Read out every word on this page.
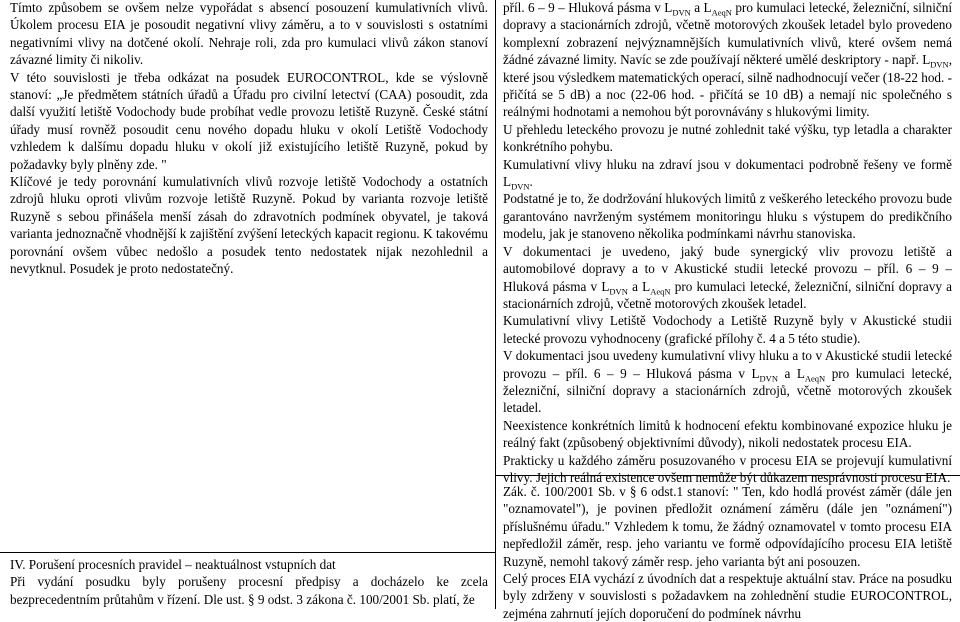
Tímto způsobem se ovšem nelze vypořádat s absencí posouzení kumulativních vlivů. Úkolem procesu EIA je posoudit negativní vlivy záměru, a to v souvislosti s ostatními negativními vlivy na dotčené okolí. Nehraje roli, zda pro kumulaci vlivů zákon stanoví závazné limity či nikoliv.

V této souvislosti je třeba odkázat na posudek EUROCONTROL, kde se výslovně stanoví: „Je předmětem státních úřadů a Úřadu pro civilní letectví (CAA) posoudit, zda další využití letiště Vodochody bude probíhat vedle provozu letiště Ruzyně. České státní úřady musí rovněž posoudit cenu nového dopadu hluku v okolí Letiště Vodochody vzhledem k dalšímu dopadu hluku v okolí již existujícího letiště Ruzyně, pokud by požadavky byly plněny zde. "

Klíčové je tedy porovnání kumulativních vlivů rozvoje letiště Vodochody a ostatních zdrojů hluku oproti vlivům rozvoje letiště Ruzyně. Pokud by varianta rozvoje letiště Ruzyně s sebou přinášela menší zásah do zdravotních podmínek obyvatel, je taková varianta jednoznačně vhodnější k zajištění zvýšení leteckých kapacit regionu. K takovému porovnání ovšem vůbec nedošlo a posudek tento nedostatek nijak nezohlednil a nevytknul. Posudek je proto nedostatečný.

IV. Porušení procesních pravidel – neaktuálnost vstupních dat

Při vydání posudku byly porušeny procesní předpisy a docházelo ke zcela bezprecedentním průtahům v řízení. Dle ust. § 9 odst. 3 zákona č. 100/2001 Sb. platí, že

příl. 6 – 9 – Hluková pásma v $L_{DVN}$ a $L_{AeqN}$ pro kumulaci letecké, železniční, silniční dopravy a stacionárních zdrojů, včetně motorových zkoušek letadel bylo provedeno komplexní zobrazení nejvýznamnějších kumulativních vlivů, které ovšem nemá žádné závazné limity. Navíc se zde používají některé umělé deskriptory - např. $L_{DVN}$, které jsou výsledkem matematických operací, silně nadhodnocují večer (18-22 hod. - přičítá se 5 dB) a noc (22-06 hod. - přičítá se 10 dB) a nemají nic společného s reálnými hodnotami a nemohou být porovnávány s hlukovými limity.

U přehledu leteckého provozu je nutné zohlednit také výšku, typ letadla a charakter konkrétního pohybu.

Kumulativní vlivy hluku na zdraví jsou v dokumentaci podrobně řešeny ve formě $L_{DVN}$.

Podstatné je to, že dodržování hlukových limitů z veškerého leteckého provozu bude garantováno navrženým systémem monitoringu hluku s výstupem do predikčního modelu, jak je stanoveno několika podmínkami návrhu stanoviska.

V dokumentaci je uvedeno, jaký bude synergický vliv provozu letiště a automobilové dopravy a to v Akustické studii letecké provozu – příl. 6 – 9 – Hluková pásma v $L_{DVN}$ a $L_{AeqN}$ pro kumulaci letecké, železniční, silniční dopravy a stacionárních zdrojů, včetně motorových zkoušek letadel.

Kumulativní vlivy Letiště Vodochody a Letiště Ruzyně byly v Akustické studii letecké provozu vyhodnoceny (grafické přílohy č. 4 a 5 této studie).

V dokumentaci jsou uvedeny kumulativní vlivy hluku a to v Akustické studii letecké provozu – příl. 6 – 9 – Hluková pásma v $L_{DVN}$ a $L_{AeqN}$ pro kumulaci letecké, železniční, silniční dopravy a stacionárních zdrojů, včetně motorových zkoušek letadel.

Neexistence konkrétních limitů k hodnocení efektu kombinované expozice hluku je reálný fakt (způsobený objektivními důvody), nikoli nedostatek procesu EIA.

Prakticky u každého záměru posuzovaného v procesu EIA se projevují kumulativní vlivy. Jejich reálná existence ovšem nemůže být důkazem nesprávnosti procesu EIA.

Zák. č. 100/2001 Sb. v § 6 odst.1 stanoví: " Ten, kdo hodlá provést záměr (dále jen "oznamovatel"), je povinen předložit oznámení záměru (dále jen "oznámení") příslušnému úřadu." Vzhledem k tomu, že žádný oznamovatel v tomto procesu EIA nepředložil záměr, resp. jeho variantu ve formě odpovídajícího procesu EIA letiště Ruzyně, nemohl takový záměr resp. jeho varianta být ani posouzen.

Celý proces EIA vychází z úvodních dat a respektuje aktuální stav. Práce na posudku byly zdrženy v souvislosti s požadavkem na zohlednění studie EUROCONTROL, zejména zahrnutí jejích doporučení do podmínek návrhu
